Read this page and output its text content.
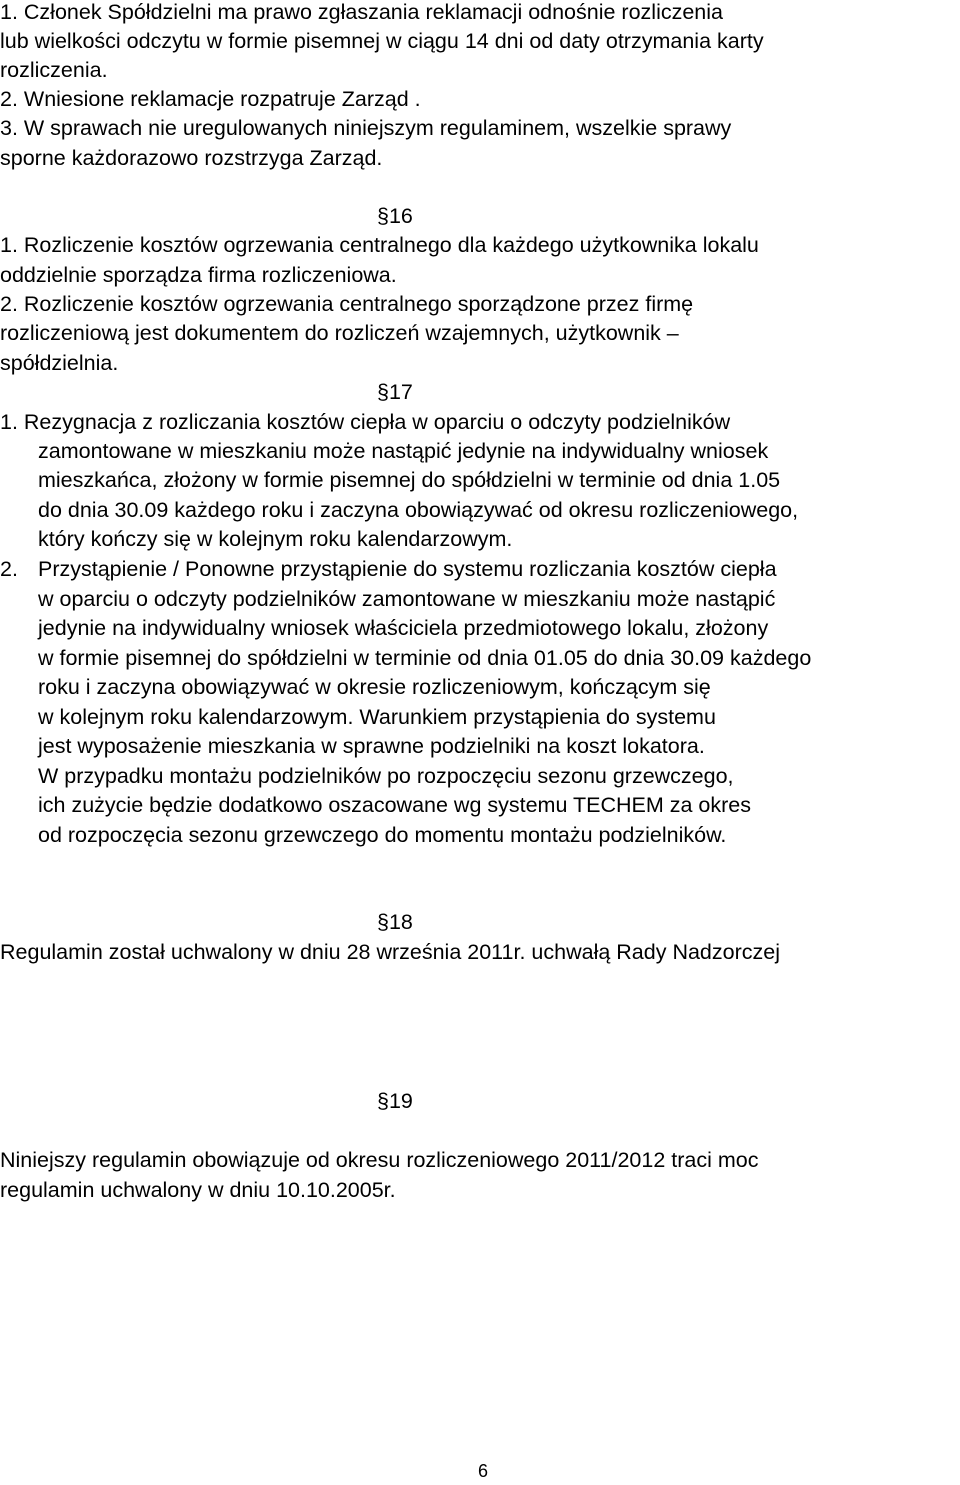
1. Członek Spółdzielni ma prawo zgłaszania reklamacji odnośnie rozliczenia

lub wielkości odczytu w formie pisemnej w ciągu 14 dni od daty otrzymania karty

rozliczenia.

2. Wniesione reklamacje rozpatruje Zarząd .

3. W sprawach nie uregulowanych niniejszym regulaminem, wszelkie sprawy

sporne każdorazowo rozstrzyga Zarząd.

§16

1. Rozliczenie kosztów ogrzewania centralnego dla każdego użytkownika lokalu

oddzielnie sporządza firma rozliczeniowa.

2. Rozliczenie kosztów ogrzewania centralnego sporządzone przez firmę

rozliczeniową jest dokumentem do rozliczeń wzajemnych, użytkownik –

spółdzielnia.

§17

1. Rezygnacja z rozliczania kosztów ciepła w oparciu o odczyty podzielników

zamontowane w mieszkaniu może nastąpić jedynie na indywidualny wniosek

mieszkańca, złożony w formie pisemnej do spółdzielni w terminie od dnia 1.05

do dnia 30.09 każdego roku i zaczyna obowiązywać od okresu rozliczeniowego,

który kończy się w kolejnym roku kalendarzowym.

2. Przystąpienie / Ponowne przystąpienie do systemu rozliczania kosztów ciepła

w oparciu o odczyty podzielników zamontowane w mieszkaniu może nastąpić

jedynie na indywidualny wniosek właściciela przedmiotowego lokalu, złożony

w formie pisemnej do spółdzielni w terminie od dnia 01.05 do dnia 30.09 każdego

roku i zaczyna obowiązywać w okresie rozliczeniowym, kończącym się

w kolejnym roku kalendarzowym. Warunkiem przystąpienia do systemu

jest wyposażenie mieszkania w sprawne podzielniki na koszt lokatora.

W przypadku montażu podzielników po rozpoczęciu sezonu grzewczego,

ich zużycie będzie dodatkowo oszacowane wg systemu TECHEM za okres

od rozpoczęcia sezonu grzewczego do momentu montażu podzielników.

§18

Regulamin został uchwalony w dniu 28 września 2011r. uchwałą Rady Nadzorczej

§19

Niniejszy regulamin obowiązuje od okresu rozliczeniowego 2011/2012 traci moc

regulamin uchwalony w dniu 10.10.2005r.

6
